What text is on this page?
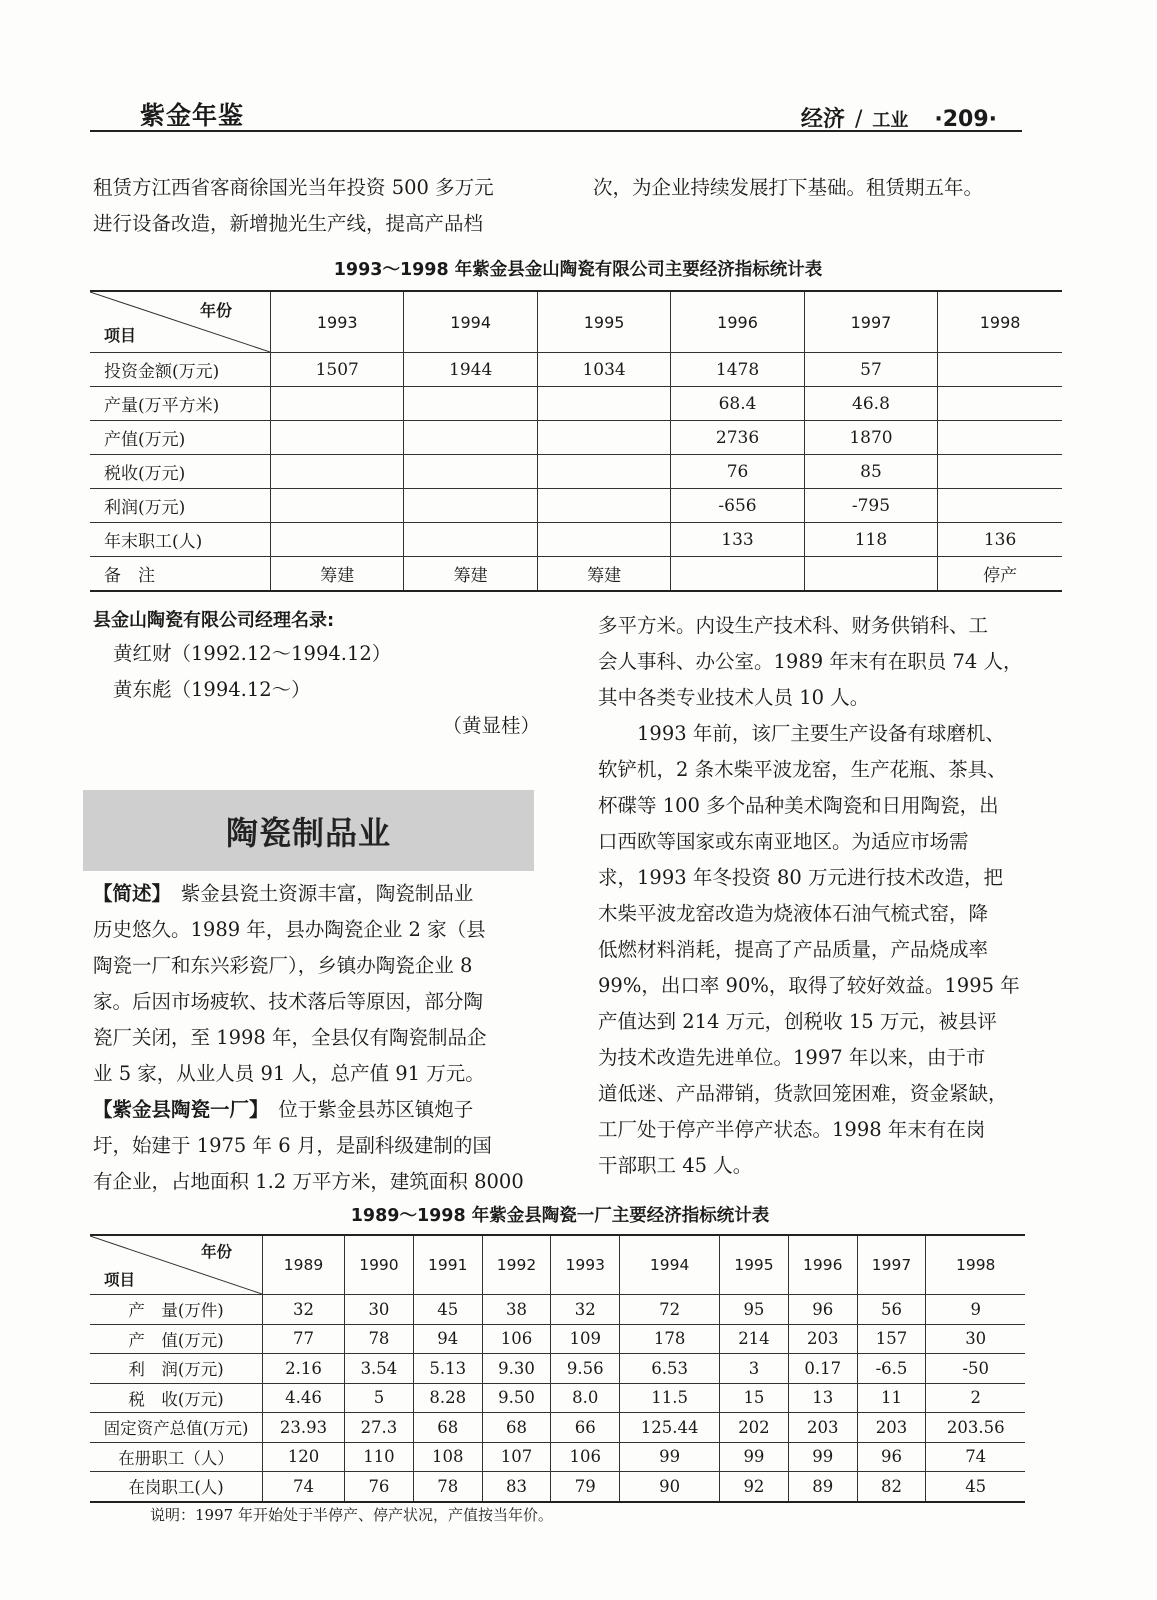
紫金年鉴	经济 / 工业 ·209·
租赁方江西省客商徐国光当年投资 500 多万元
进行设备改造，新增抛光生产线，提高产品档
次，为企业持续发展打下基础。租赁期五年。
1993～1998 年紫金县金山陶瓷有限公司主要经济指标统计表
年份
项目	1993	1994	1995	1996	1997	1998
投资金额(万元)	1507	1944	1034	1478	57	
产量(万平方米)				68.4	46.8	
产值(万元)				2736	1870	
税收(万元)				76	85	
利润(万元)				-656	-795	
年末职工(人)				133	118	136
备　注	筹建	筹建	筹建			停产
县金山陶瓷有限公司经理名录:
黄红财（1992.12～1994.12）
黄东彪（1994.12～）
（黄显桂）
陶瓷制品业
【简述】　 紫金县瓷土资源丰富，陶瓷制品业
历史悠久。1989 年，县办陶瓷企业 2 家（县
陶瓷一厂和东兴彩瓷厂），乡镇办陶瓷企业 8
家。后因市场疲软、技术落后等原因，部分陶
瓷厂关闭，至 1998 年，全县仅有陶瓷制品企
业 5 家，从业人员 91 人，总产值 91 万元。
【紫金县陶瓷一厂】　 位于紫金县苏区镇炮子
圩，始建于 1975 年 6 月，是副科级建制的国
有企业，占地面积 1.2 万平方米，建筑面积 8000
多平方米。内设生产技术科、财务供销科、工
会人事科、办公室。1989 年末有在职员 74 人，
其中各类专业技术人员 10 人。
　　1993 年前，该厂主要生产设备有球磨机、
软铲机，2 条木柴平波龙窑，生产花瓶、茶具、
杯碟等 100 多个品种美术陶瓷和日用陶瓷，出
口西欧等国家或东南亚地区。为适应市场需
求，1993 年冬投资 80 万元进行技术改造，把
木柴平波龙窑改造为烧液体石油气梳式窑，降
低燃材料消耗，提高了产品质量，产品烧成率
99%，出口率 90%，取得了较好效益。1995 年
产值达到 214 万元，创税收 15 万元，被县评
为技术改造先进单位。1997 年以来，由于市
道低迷、产品滞销，货款回笼困难，资金紧缺，
工厂处于停产半停产状态。1998 年末有在岗
干部职工 45 人。
1989～1998 年紫金县陶瓷一厂主要经济指标统计表
年份
项目	1989	1990	1991	1992	1993	1994	1995	1996	1997	1998
产　量(万件)	32	30	45	38	32	72	95	96	56	9
产　值(万元)	77	78	94	106	109	178	214	203	157	30
利　润(万元)	2.16	3.54	5.13	9.30	9.56	6.53	3	0.17	-6.5	-50
税　收(万元)	4.46	5	8.28	9.50	8.0	11.5	15	13	11	2
固定资产总值(万元)	23.93	27.3	68	68	66	125.44	202	203	203	203.56
在册职工（人）	120	110	108	107	106	99	99	99	96	74
在岗职工(人)	74	76	78	83	79	90	92	89	82	45
说明：1997 年开始处于半停产、停产状况，产值按当年价。
